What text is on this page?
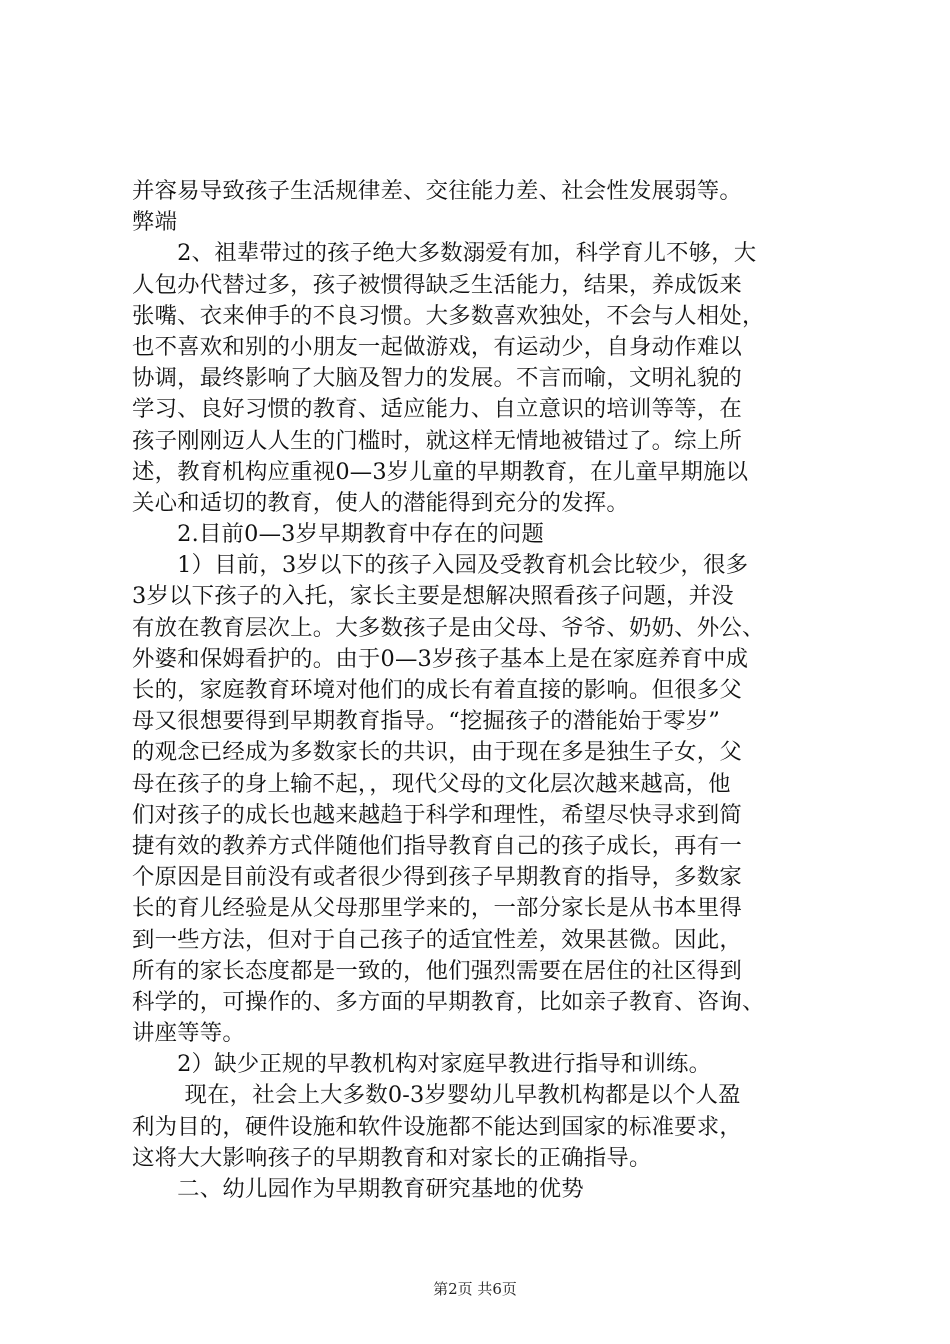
并容易导致孩子生活规律差、交往能力差、社会性发展弱等。
弊端
　　2、祖辈带过的孩子绝大多数溺爱有加，科学育儿不够，大
人包办代替过多，孩子被惯得缺乏生活能力，结果，养成饭来
张嘴、衣来伸手的不良习惯。大多数喜欢独处，不会与人相处，
也不喜欢和别的小朋友一起做游戏，有运动少，自身动作难以
协调，最终影响了大脑及智力的发展。不言而喻，文明礼貌的
学习、良好习惯的教育、适应能力、自立意识的培训等等，在
孩子刚刚迈人人生的门槛时，就这样无情地被错过了。综上所
述，教育机构应重视0—3岁儿童的早期教育，在儿童早期施以
关心和适切的教育，使人的潜能得到充分的发挥。
　　2.目前0—3岁早期教育中存在的问题
　　1）目前，3岁以下的孩子入园及受教育机会比较少，很多
3岁以下孩子的入托，家长主要是想解决照看孩子问题，并没
有放在教育层次上。大多数孩子是由父母、爷爷、奶奶、外公、
外婆和保姆看护的。由于0—3岁孩子基本上是在家庭养育中成
长的，家庭教育环境对他们的成长有着直接的影响。但很多父
母又很想要得到早期教育指导。“挖掘孩子的潜能始于零岁”
的观念已经成为多数家长的共识，由于现在多是独生子女，父
母在孩子的身上输不起，，现代父母的文化层次越来越高，他
们对孩子的成长也越来越趋于科学和理性，希望尽快寻求到简
捷有效的教养方式伴随他们指导教育自己的孩子成长，再有一
个原因是目前没有或者很少得到孩子早期教育的指导，多数家
长的育儿经验是从父母那里学来的，一部分家长是从书本里得
到一些方法，但对于自己孩子的适宜性差，效果甚微。因此，
所有的家长态度都是一致的，他们强烈需要在居住的社区得到
科学的，可操作的、多方面的早期教育，比如亲子教育、咨询、
讲座等等。
　　2）缺少正规的早教机构对家庭早教进行指导和训练。
　　 现在，社会上大多数0-3岁婴幼儿早教机构都是以个人盈
利为目的，硬件设施和软件设施都不能达到国家的标准要求，
这将大大影响孩子的早期教育和对家长的正确指导。
　　二、幼儿园作为早期教育研究基地的优势
第2页 共6页
